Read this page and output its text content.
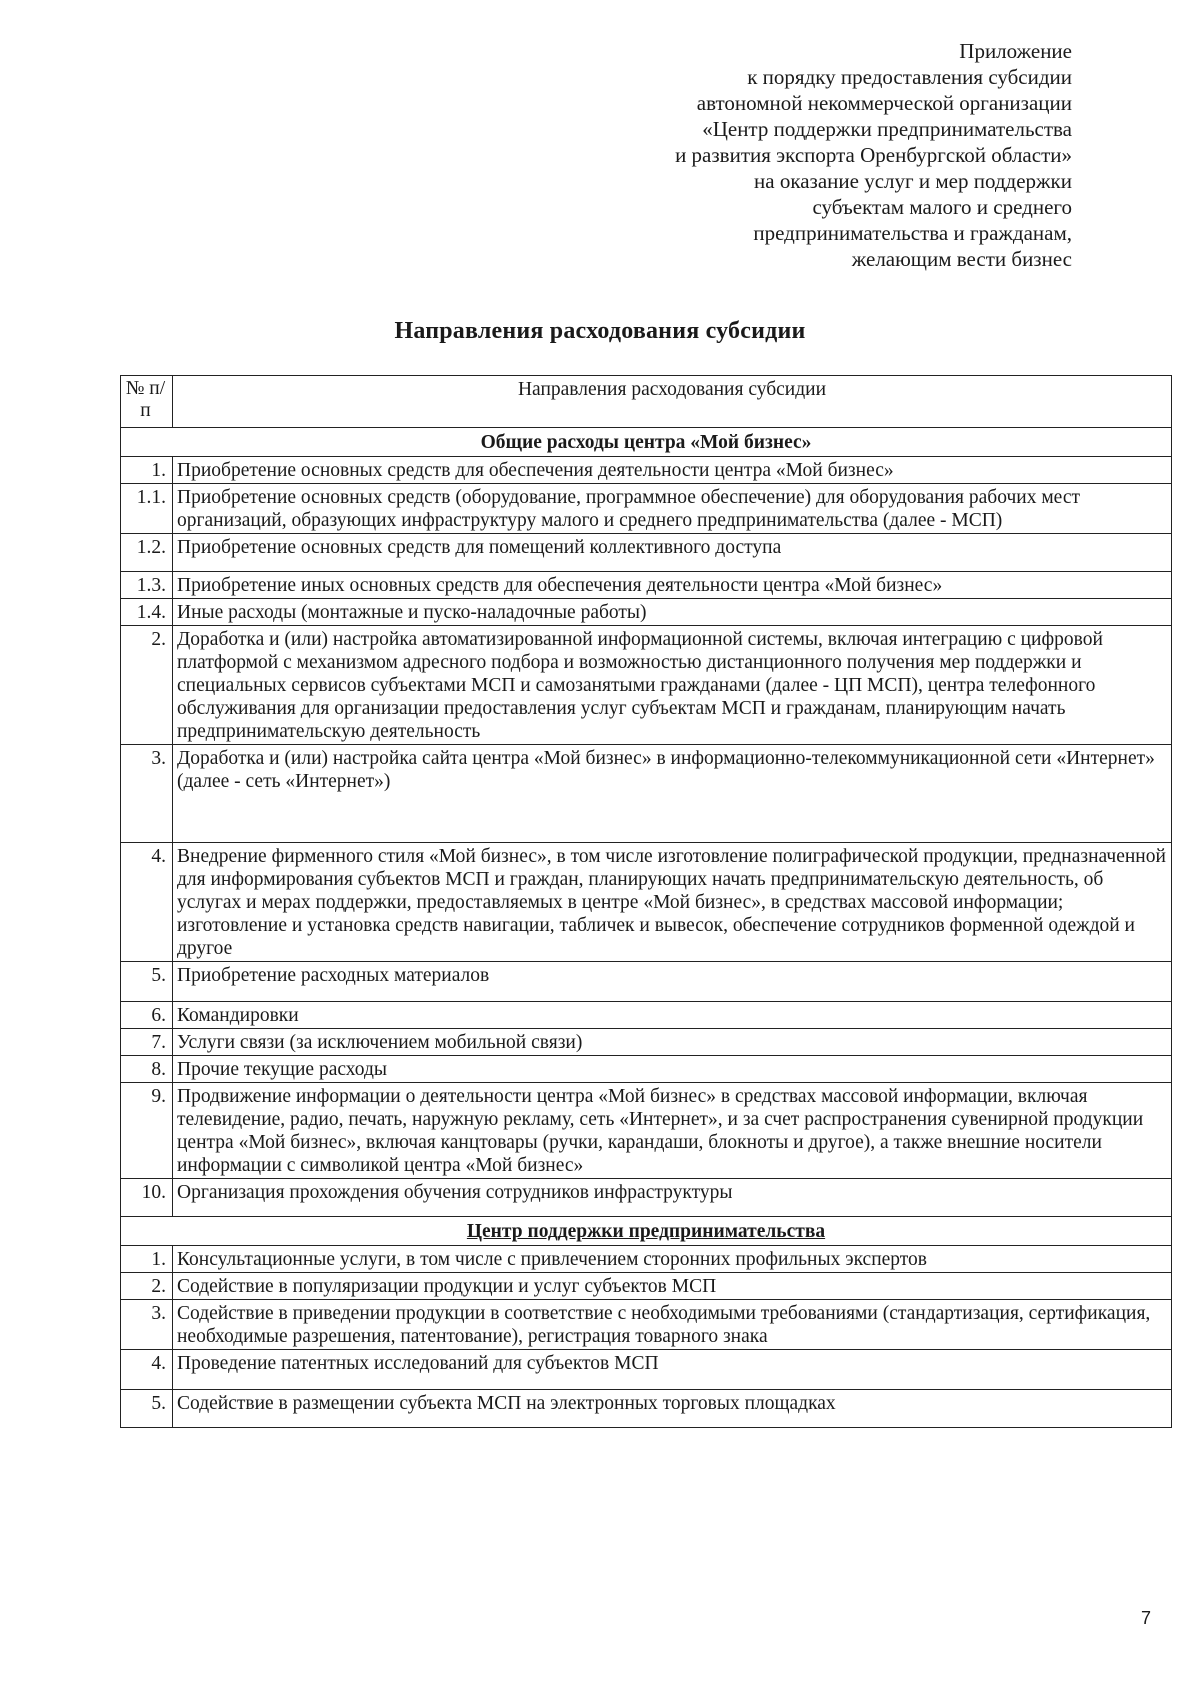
Приложение
к порядку предоставления субсидии
автономной некоммерческой организации
«Центр поддержки предпринимательства
и развития экспорта Оренбургской области»
на оказание услуг и мер поддержки
субъектам малого и среднего
предпринимательства и гражданам,
желающим вести бизнес
Направления расходования субсидии
№ п/п	Направления расходования субсидии
Общие расходы центра «Мой бизнес»	
1.	Приобретение основных средств для обеспечения деятельности центра «Мой бизнес»
1.1.	Приобретение основных средств (оборудование, программное обеспечение) для оборудования рабочих мест организаций, образующих инфраструктуру малого и среднего предпринимательства (далее - МСП)
1.2.	Приобретение основных средств для помещений коллективного доступа
1.3.	Приобретение иных основных средств для обеспечения деятельности центра «Мой бизнес»
1.4.	Иные расходы (монтажные и пуско-наладочные работы)
2.	Доработка и (или) настройка автоматизированной информационной системы, включая интеграцию с цифровой платформой с механизмом адресного подбора и возможностью дистанционного получения мер поддержки и специальных сервисов субъектами МСП и самозанятыми гражданами (далее - ЦП МСП), центра телефонного обслуживания для организации предоставления услуг субъектам МСП и гражданам, планирующим начать предпринимательскую деятельность
3.	Доработка и (или) настройка сайта центра «Мой бизнес» в информационно-телекоммуникационной сети «Интернет» (далее - сеть «Интернет»)
4.	Внедрение фирменного стиля «Мой бизнес», в том числе изготовление полиграфической продукции, предназначенной для информирования субъектов МСП и граждан, планирующих начать предпринимательскую деятельность, об услугах и мерах поддержки, предоставляемых в центре «Мой бизнес», в средствах массовой информации; изготовление и установка средств навигации, табличек и вывесок, обеспечение сотрудников форменной одеждой и другое
5.	Приобретение расходных материалов
6.	Командировки
7.	Услуги связи (за исключением мобильной связи)
8.	Прочие текущие расходы
9.	Продвижение информации о деятельности центра «Мой бизнес» в средствах массовой информации, включая телевидение, радио, печать, наружную рекламу, сеть «Интернет», и за счет распространения сувенирной продукции центра «Мой бизнес», включая канцтовары (ручки, карандаши, блокноты и другое), а также внешние носители информации с символикой центра «Мой бизнес»
10.	Организация прохождения обучения сотрудников инфраструктуры
Центр поддержки предпринимательства	
1.	Консультационные услуги, в том числе с привлечением сторонних профильных экспертов
2.	Содействие в популяризации продукции и услуг субъектов МСП
3.	Содействие в приведении продукции в соответствие с необходимыми требованиями (стандартизация, сертификация, необходимые разрешения, патентование), регистрация товарного знака
4.	Проведение патентных исследований для субъектов МСП
5.	Содействие в размещении субъекта МСП на электронных торговых площадках
7
